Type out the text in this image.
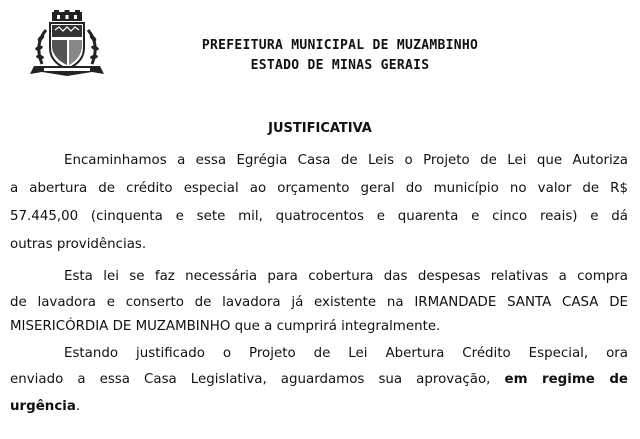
PREFEITURA MUNICIPAL DE MUZAMBINHO
ESTADO DE MINAS GERAIS
JUSTIFICATIVA
Encaminhamos a essa Egrégia Casa de Leis o Projeto de Lei que Autoriza
a abertura de crédito especial ao orçamento geral do município no valor de R$
57.445,00 (cinquenta e sete mil, quatrocentos e quarenta e cinco reais) e dá
outras providências.
Esta lei se faz necessária para cobertura das despesas relativas a compra
de lavadora e conserto de lavadora já existente na IRMANDADE SANTA CASA DE
MISERICÓRDIA DE MUZAMBINHO que a cumprirá integralmente.
Estando justificado o Projeto de Lei Abertura Crédito Especial, ora
enviado a essa Casa Legislativa, aguardamos sua aprovação, em regime de
urgência.
